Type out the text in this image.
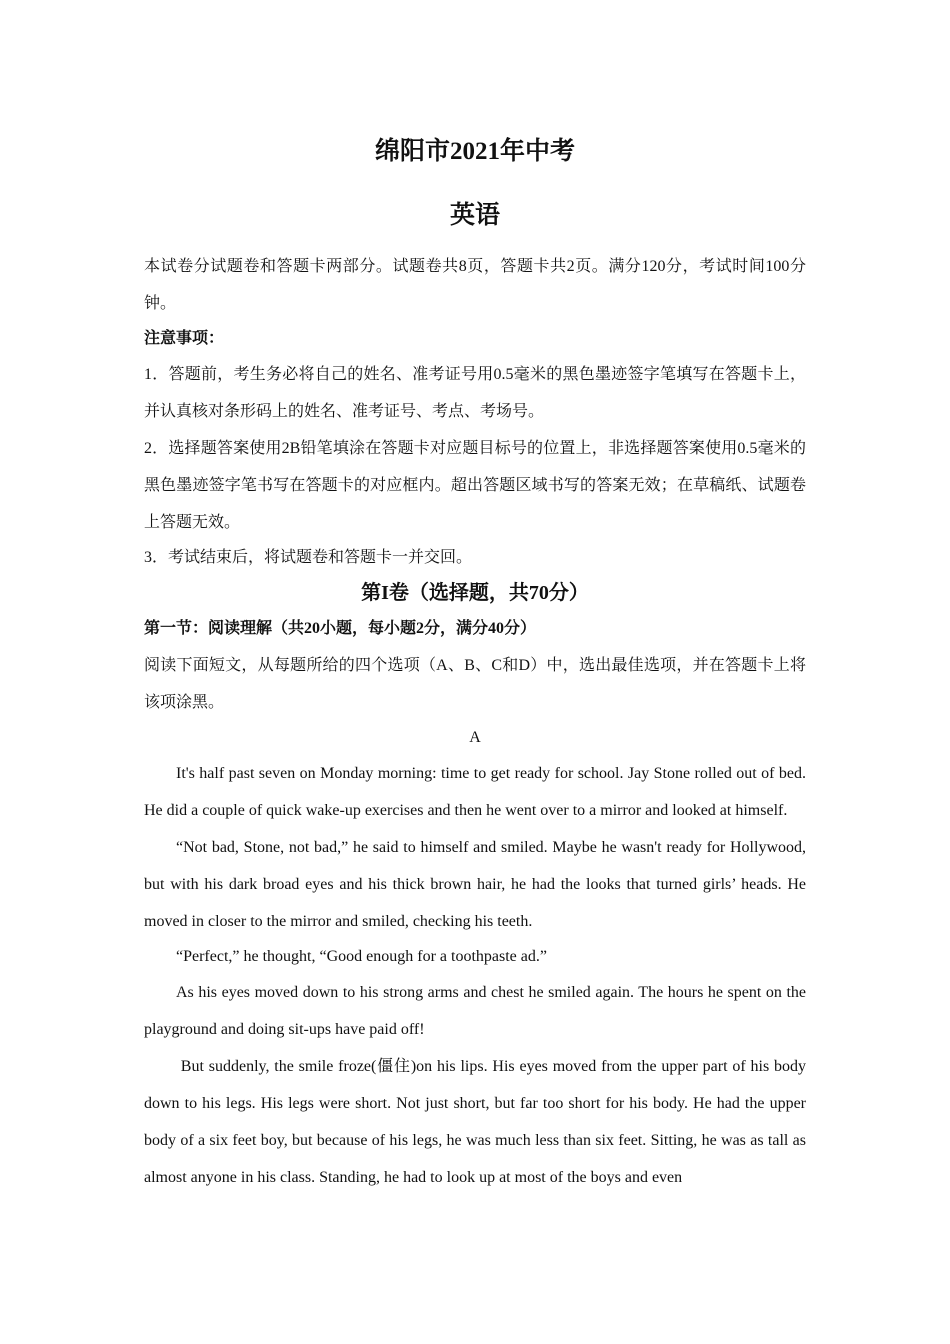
绵阳市2021年中考
英语

本试卷分试题卷和答题卡两部分。试题卷共8页，答题卡共2页。满分120分，考试时间100分钟。

注意事项：

1．答题前，考生务必将自己的姓名、准考证号用0.5毫米的黑色墨迹签字笔填写在答题卡上，并认真核对条形码上的姓名、准考证号、考点、考场号。

2．选择题答案使用2B铅笔填涂在答题卡对应题目标号的位置上，非选择题答案使用0.5毫米的黑色墨迹签字笔书写在答题卡的对应框内。超出答题区域书写的答案无效；在草稿纸、试题卷上答题无效。

3．考试结束后，将试题卷和答题卡一并交回。

第I卷（选择题，共70分）
第一节：阅读理解（共20小题，每小题2分，满分40分）

阅读下面短文，从每题所给的四个选项（A、B、C和D）中，选出最佳选项，并在答题卡上将该项涂黑。

A

It's half past seven on Monday morning: time to get ready for school. Jay Stone rolled out of bed. He did a couple of quick wake-up exercises and then he went over to a mirror and looked at himself.

“Not bad, Stone, not bad,” he said to himself and smiled. Maybe he wasn't ready for Hollywood, but with his dark broad eyes and his thick brown hair, he had the looks that turned girls’ heads. He moved in closer to the mirror and smiled, checking his teeth.

“Perfect,” he thought, “Good enough for a toothpaste ad.”

As his eyes moved down to his strong arms and chest he smiled again. The hours he spent on the playground and doing sit-ups have paid off!

But suddenly, the smile froze(僵住)on his lips. His eyes moved from the upper part of his body down to his legs. His legs were short. Not just short, but far too short for his body. He had the upper body of a six feet boy, but because of his legs, he was much less than six feet. Sitting, he was as tall as almost anyone in his class. Standing, he had to look up at most of the boys and even
